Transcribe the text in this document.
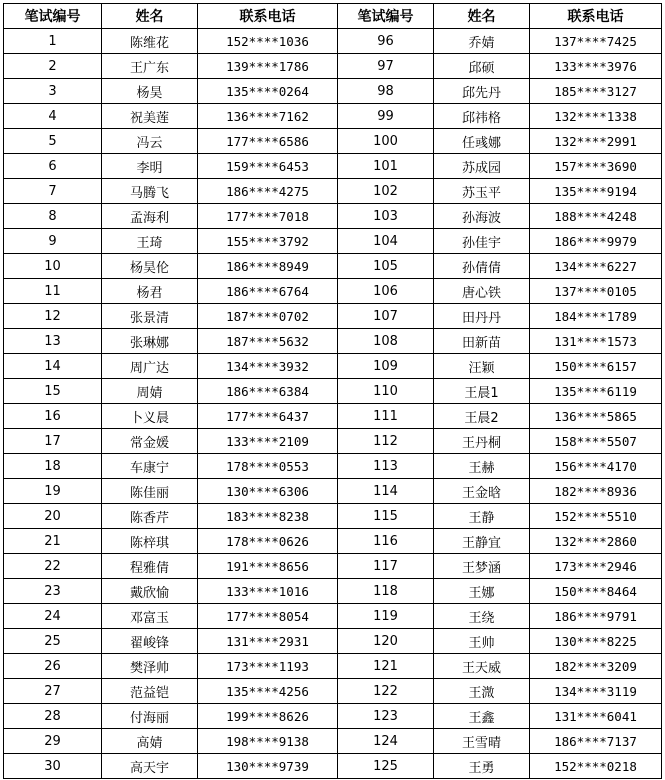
笔试编号	姓名	联系电话	笔试编号	姓名	联系电话
1	陈维花	152****1036	96	乔婧	137****7425
2	王广东	139****1786	97	邱硕	133****3976
3	杨昊	135****0264	98	邱先丹	185****3127
4	祝美莲	136****7162	99	邱祎格	132****1338
5	冯云	177****6586	100	任彧娜	132****2991
6	李明	159****6453	101	苏成园	157****3690
7	马腾飞	186****4275	102	苏玉平	135****9194
8	孟海利	177****7018	103	孙海波	188****4248
9	王琦	155****3792	104	孙佳宇	186****9979
10	杨昊伦	186****8949	105	孙倩倩	134****6227
11	杨君	186****6764	106	唐心铁	137****0105
12	张景清	187****0702	107	田丹丹	184****1789
13	张琳娜	187****5632	108	田新苗	131****1573
14	周广达	134****3932	109	汪颖	150****6157
15	周婧	186****6384	110	王晨1	135****6119
16	卜义晨	177****6437	111	王晨2	136****5865
17	常金媛	133****2109	112	王丹桐	158****5507
18	车康宁	178****0553	113	王赫	156****4170
19	陈佳丽	130****6306	114	王金晗	182****8936
20	陈香芹	183****8238	115	王静	152****5510
21	陈梓琪	178****0626	116	王静宜	132****2860
22	程雅倩	191****8656	117	王梦涵	173****2946
23	戴欣愉	133****1016	118	王娜	150****8464
24	邓富玉	177****8054	119	王绕	186****9791
25	翟峻锋	131****2931	120	王帅	130****8225
26	樊泽帅	173****1193	121	王天威	182****3209
27	范益铠	135****4256	122	王溦	134****3119
28	付海丽	199****8626	123	王鑫	131****6041
29	高婧	198****9138	124	王雪晴	186****7137
30	高天宇	130****9739	125	王勇	152****0218
